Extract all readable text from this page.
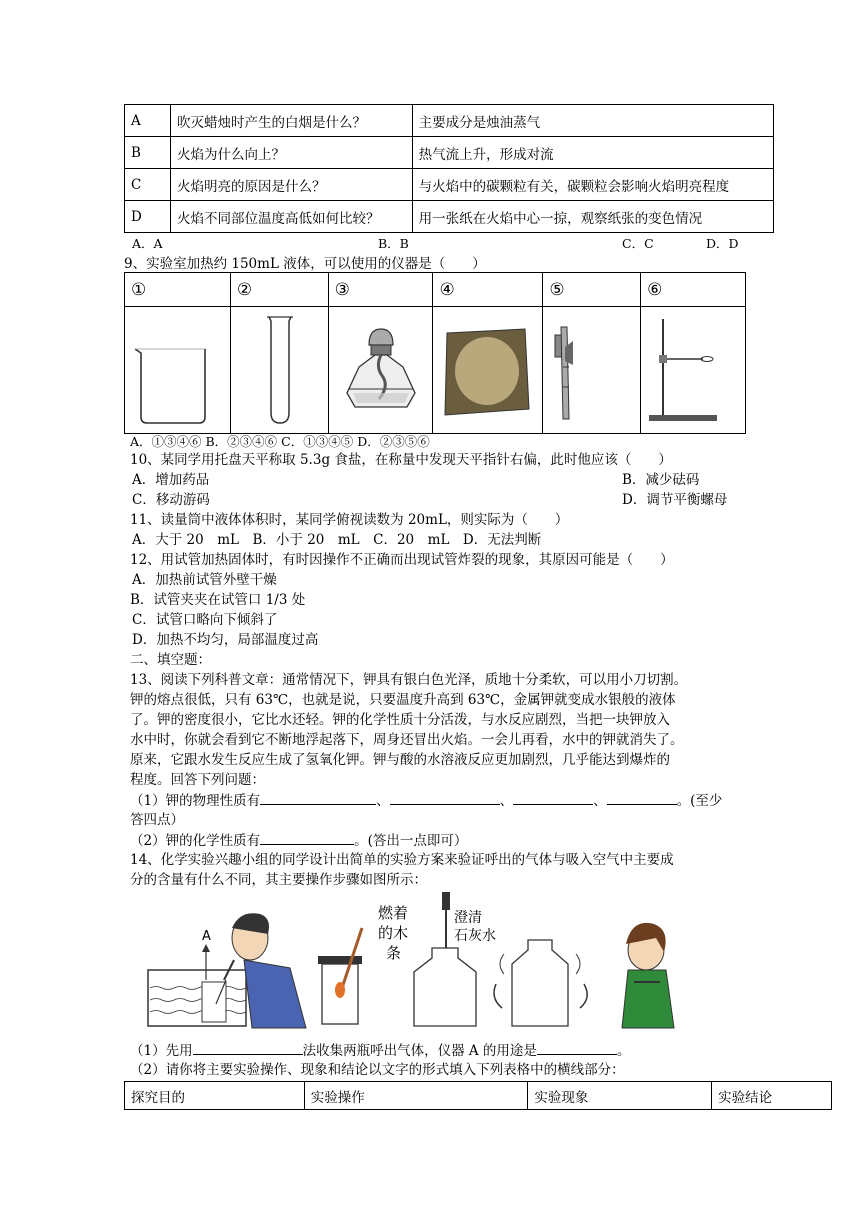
A	吹灭蜡烛时产生的白烟是什么？	主要成分是烛油蒸气
B	火焰为什么向上？	热气流上升，形成对流
C	火焰明亮的原因是什么？	与火焰中的碳颗粒有关，碳颗粒会影响火焰明亮程度
D	火焰不同部位温度高低如何比较？	用一张纸在火焰中心一掠，观察纸张的变色情况
A．A	B．B	C．C	D．D
9、实验室加热约 150mL 液体，可以使用的仪器是（　　）
①	②	③	④	⑤	⑥

A．①③④⑥ B．②③④⑥ C．①③④⑤ D．②③⑤⑥
10、某同学用托盘天平称取 5.3g 食盐，在称量中发现天平指针右偏，此时他应该（　　）
A．增加药品	B．减少砝码
C．移动游码	D．调节平衡螺母
11、读量筒中液体体积时，某同学俯视读数为 20mL，则实际为（　　）
A．大于 20　mL　B．小于 20　mL　C．20　mL　D．无法判断
12、用试管加热固体时，有时因操作不正确而出现试管炸裂的现象，其原因可能是（　　）
A．加热前试管外壁干燥
B．试管夹夹在试管口 1/3 处
C．试管口略向下倾斜了
D．加热不均匀，局部温度过高
二、填空题：
13、阅读下列科普文章：通常情况下，钾具有银白色光泽，质地十分柔软，可以用小刀切割。
钾的熔点很低，只有 63℃，也就是说，只要温度升高到 63℃，金属钾就变成水银般的液体
了。钾的密度很小，它比水还轻。钾的化学性质十分活泼，与水反应剧烈，当把一块钾放入
水中时，你就会看到它不断地浮起落下，周身还冒出火焰。一会儿再看，水中的钾就消失了。
原来，它跟水发生反应生成了氢氧化钾。钾与酸的水溶液反应更加剧烈，几乎能达到爆炸的
程度。回答下列问题：
（1）钾的物理性质有	、	、	、	。(至少
答四点）
（2）钾的化学性质有	。(答出一点即可）
14、化学实验兴趣小组的同学设计出简单的实验方案来验证呼出的气体与吸入空气中主要成
分的含量有什么不同，其主要操作步骤如图所示：
A
燃着
的木
条
澄清
石灰水
（1）先用	法收集两瓶呼出气体，仪器 A 的用途是	。
（2）请你将主要实验操作、现象和结论以文字的形式填入下列表格中的横线部分：
探究目的	实验操作	实验现象	实验结论
